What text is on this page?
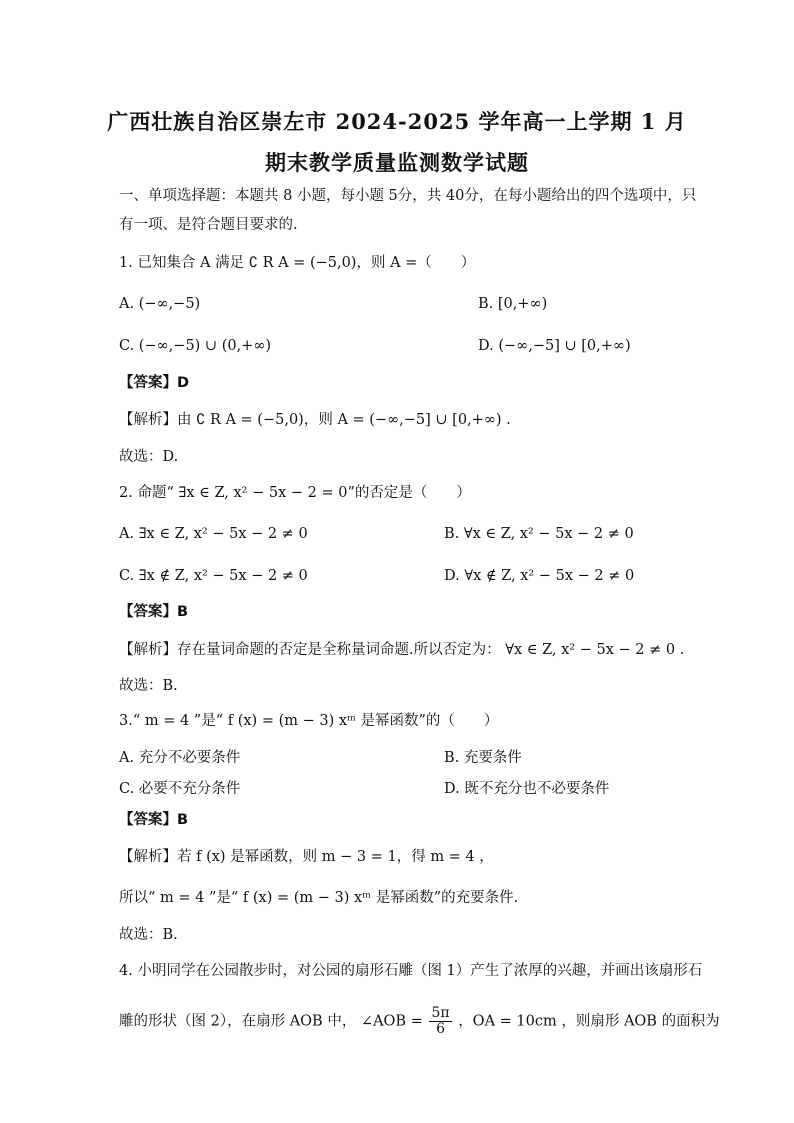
广西壮族自治区崇左市 2024-2025 学年高一上学期 1 月
期末教学质量监测数学试题
一、单项选择题：本题共 8 小题，每小题 5分，共 40分，在每小题给出的四个选项中，只
有一项、是符合题目要求的.
1. 已知集合 A 满足 ∁ R A = (−5,0)，则 A =（　　）
A. (−∞,−5)	B. [0,+∞)
C. (−∞,−5) ∪ (0,+∞)	D. (−∞,−5] ∪ [0,+∞)
【答案】D
【解析】由 ∁ R A = (−5,0)，则 A = (−∞,−5] ∪ [0,+∞) .
故选：D.
2. 命题“ ∃x ∈ Z, x² − 5x − 2 = 0”的否定是（　　）
A. ∃x ∈ Z, x² − 5x − 2 ≠ 0	B. ∀x ∈ Z, x² − 5x − 2 ≠ 0
C. ∃x ∉ Z, x² − 5x − 2 ≠ 0	D. ∀x ∉ Z, x² − 5x − 2 ≠ 0
【答案】B
【解析】存在量词命题的否定是全称量词命题.所以否定为： ∀x ∈ Z, x² − 5x − 2 ≠ 0 .
故选：B.
3.“ m = 4 ”是“ f (x) = (m − 3) xᵐ 是幂函数”的（　　）
A. 充分不必要条件	B. 充要条件
C. 必要不充分条件	D. 既不充分也不必要条件
【答案】B
【解析】若 f (x) 是幂函数，则 m − 3 = 1，得 m = 4 ，
所以“ m = 4 ”是“ f (x) = (m − 3) xᵐ 是幂函数”的充要条件.
故选：B.
4. 小明同学在公园散步时，对公园的扇形石雕（图 1）产生了浓厚的兴趣，并画出该扇形石
雕的形状（图 2），在扇形 AOB 中， ∠AOB = $\frac{5\pi}{6}$ ，OA = 10cm ，则扇形 AOB 的面积为
